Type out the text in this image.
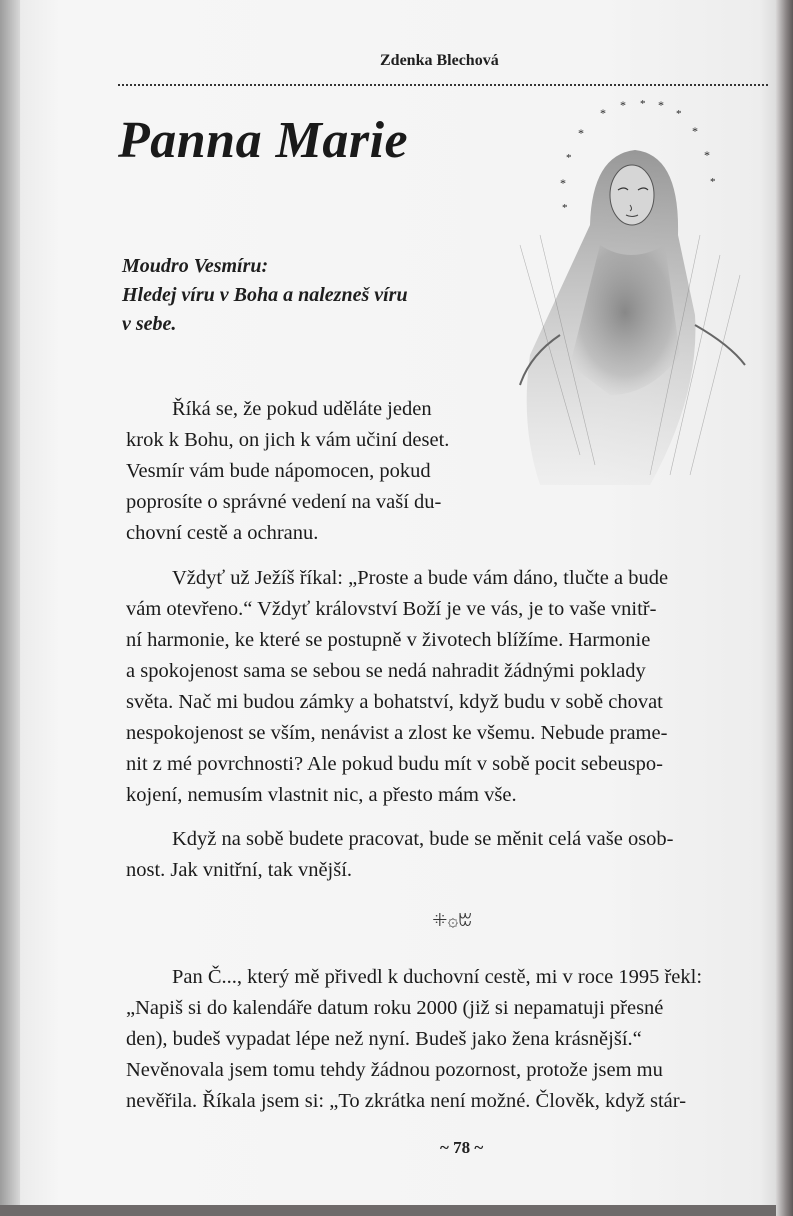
Zdenka Blechová
Panna Marie
Moudro Vesmíru:
Hledej víru v Boha a nalezneš víru
v sebe.
*
* * *
*
*	*
*	*
*	*
*
Říká se, že pokud uděláte jeden
krok k Bohu, on jich k vám učiní deset.
Vesmír vám bude nápomocen, pokud
poprosíte o správné vedení na vaší du-
chovní cestě a ochranu.
Vždyť už Ježíš říkal: „Proste a bude vám dáno, tlučte a bude
vám otevřeno.“ Vždyť království Boží je ve vás, je to vaše vnitř-
ní harmonie, ke které se postupně v životech blížíme. Harmonie
a spokojenost sama se sebou se nedá nahradit žádnými poklady
světa. Nač mi budou zámky a bohatství, když budu v sobě chovat
nespokojenost se vším, nenávist a zlost ke všemu. Nebude prame-
nit z mé povrchnosti? Ale pokud budu mít v sobě pocit sebeuspo-
kojení, nemusím vlastnit nic, a přesto mám vše.
Když na sobě budete pracovat, bude se měnit celá vaše osob-
nost. Jak vnitřní, tak vnější.
ꔰ۞ꔱ
Pan Č..., který mě přivedl k duchovní cestě, mi v roce 1995 řekl:
„Napiš si do kalendáře datum roku 2000 (již si nepamatuji přesné
den), budeš vypadat lépe než nyní. Budeš jako žena krásnější.“
Nevěnovala jsem tomu tehdy žádnou pozornost, protože jsem mu
nevěřila. Říkala jsem si: „To zkrátka není možné. Člověk, když stár-
~ 78 ~
